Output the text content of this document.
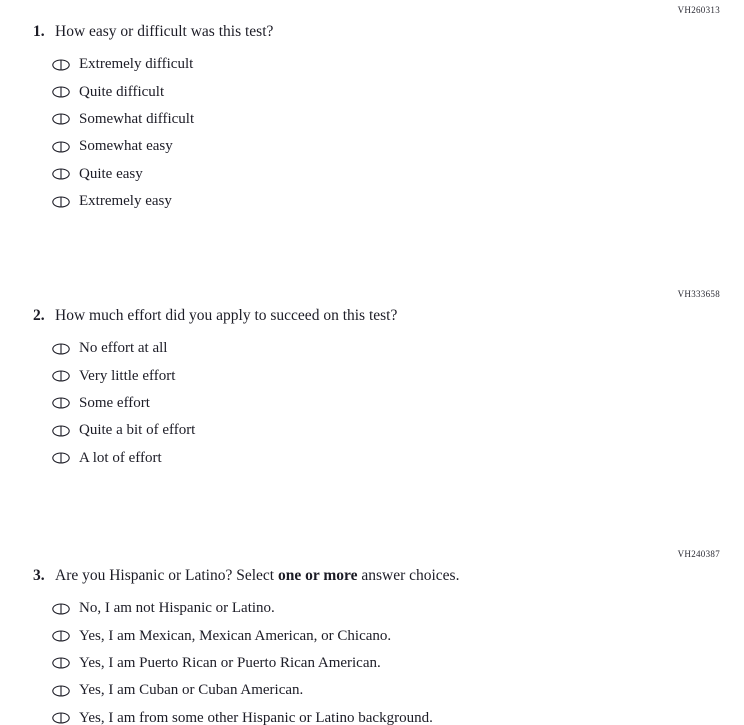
VH260313
1. How easy or difficult was this test?
Extremely difficult
Quite difficult
Somewhat difficult
Somewhat easy
Quite easy
Extremely easy
VH333658
2. How much effort did you apply to succeed on this test?
No effort at all
Very little effort
Some effort
Quite a bit of effort
A lot of effort
VH240387
3. Are you Hispanic or Latino? Select one or more answer choices.
No, I am not Hispanic or Latino.
Yes, I am Mexican, Mexican American, or Chicano.
Yes, I am Puerto Rican or Puerto Rican American.
Yes, I am Cuban or Cuban American.
Yes, I am from some other Hispanic or Latino background.
